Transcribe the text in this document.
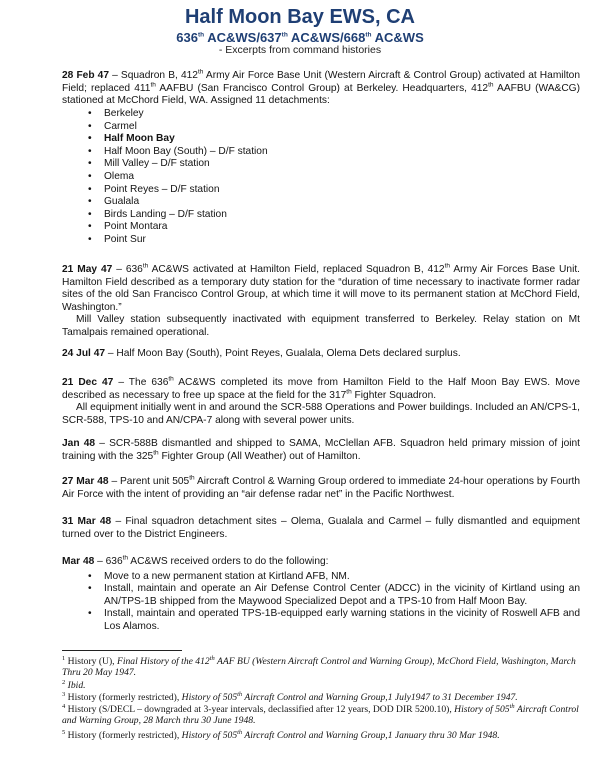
Half Moon Bay EWS, CA
636th AC&WS/637th AC&WS/668th AC&WS
- Excerpts from command histories
28 Feb 47 – Squadron B, 412th Army Air Force Base Unit (Western Aircraft & Control Group) activated at Hamilton Field; replaced 411th AAFBU (San Francisco Control Group) at Berkeley. Headquarters, 412th AAFBU (WA&CG) stationed at McChord Field, WA. Assigned 11 detachments:
• Berkeley
• Carmel
• Half Moon Bay
• Half Moon Bay (South) – D/F station
• Mill Valley – D/F station
• Olema
• Point Reyes – D/F station
• Gualala
• Birds Landing – D/F station
• Point Montara
• Point Sur
21 May 47 – 636th AC&WS activated at Hamilton Field, replaced Squadron B, 412th Army Air Forces Base Unit. Hamilton Field described as a temporary duty station for the “duration of time necessary to inactivate former radar sites of the old San Francisco Control Group, at which time it will move to its permanent station at McChord Field, Washington.”
Mill Valley station subsequently inactivated with equipment transferred to Berkeley. Relay station on Mt Tamalpais remained operational.
24 Jul 47 – Half Moon Bay (South), Point Reyes, Gualala, Olema Dets declared surplus.
21 Dec 47 – The 636th AC&WS completed its move from Hamilton Field to the Half Moon Bay EWS. Move described as necessary to free up space at the field for the 317th Fighter Squadron.
All equipment initially went in and around the SCR-588 Operations and Power buildings. Included an AN/CPS-1, SCR-588, TPS-10 and AN/CPA-7 along with several power units.
Jan 48 – SCR-588B dismantled and shipped to SAMA, McClellan AFB. Squadron held primary mission of joint training with the 325th Fighter Group (All Weather) out of Hamilton.
27 Mar 48 – Parent unit 505th Aircraft Control & Warning Group ordered to immediate 24-hour operations by Fourth Air Force with the intent of providing an “air defense radar net” in the Pacific Northwest.
31 Mar 48 – Final squadron detachment sites – Olema, Gualala and Carmel – fully dismantled and equipment turned over to the District Engineers.
Mar 48 – 636th AC&WS received orders to do the following:
• Move to a new permanent station at Kirtland AFB, NM.
• Install, maintain and operate an Air Defense Control Center (ADCC) in the vicinity of Kirtland using an AN/TPS-1B shipped from the Maywood Specialized Depot and a TPS-10 from Half Moon Bay.
• Install, maintain and operated TPS-1B-equipped early warning stations in the vicinity of Roswell AFB and Los Alamos.
$^1$ History (U), Final History of the 412th AAF BU (Western Aircraft Control and Warning Group), McChord Field, Washington, March Thru 20 May 1947.
$^2$ Ibid.
$^3$ History (formerly restricted), History of 505th Aircraft Control and Warning Group,1 July1947 to 31 December 1947.
$^4$ History (S/DECL – downgraded at 3-year intervals, declassified after 12 years, DOD DIR 5200.10), History of 505th Aircraft Control and Warning Group, 28 March thru 30 June 1948.
$^5$ History (formerly restricted), History of 505th Aircraft Control and Warning Group,1 January thru 30 Mar 1948.
